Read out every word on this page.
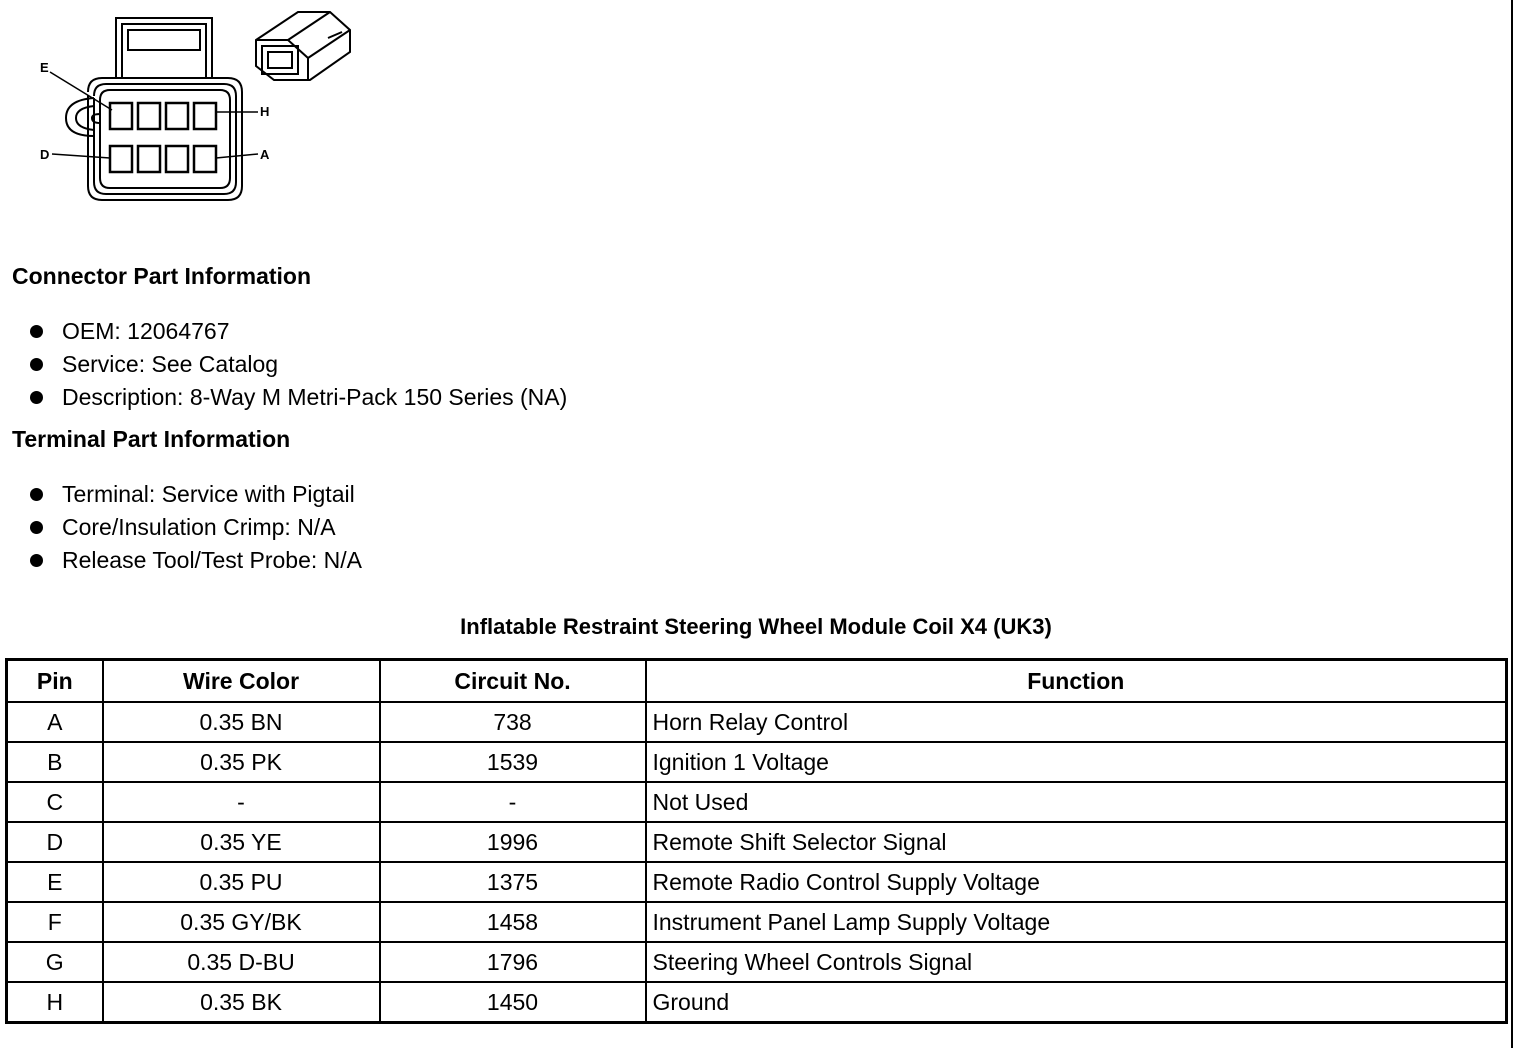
E
H
D	A
Connector Part Information
OEM: 12064767
Service: See Catalog
Description: 8-Way M Metri-Pack 150 Series (NA)
Terminal Part Information
Terminal: Service with Pigtail
Core/Insulation Crimp: N/A
Release Tool/Test Probe: N/A
Inflatable Restraint Steering Wheel Module Coil X4 (UK3)
Pin	Wire Color	Circuit No.	Function
A	0.35 BN	738	Horn Relay Control
B	0.35 PK	1539	Ignition 1 Voltage
C	-	-	Not Used
D	0.35 YE	1996	Remote Shift Selector Signal
E	0.35 PU	1375	Remote Radio Control Supply Voltage
F	0.35 GY/BK	1458	Instrument Panel Lamp Supply Voltage
G	0.35 D-BU	1796	Steering Wheel Controls Signal
H	0.35 BK	1450	Ground
